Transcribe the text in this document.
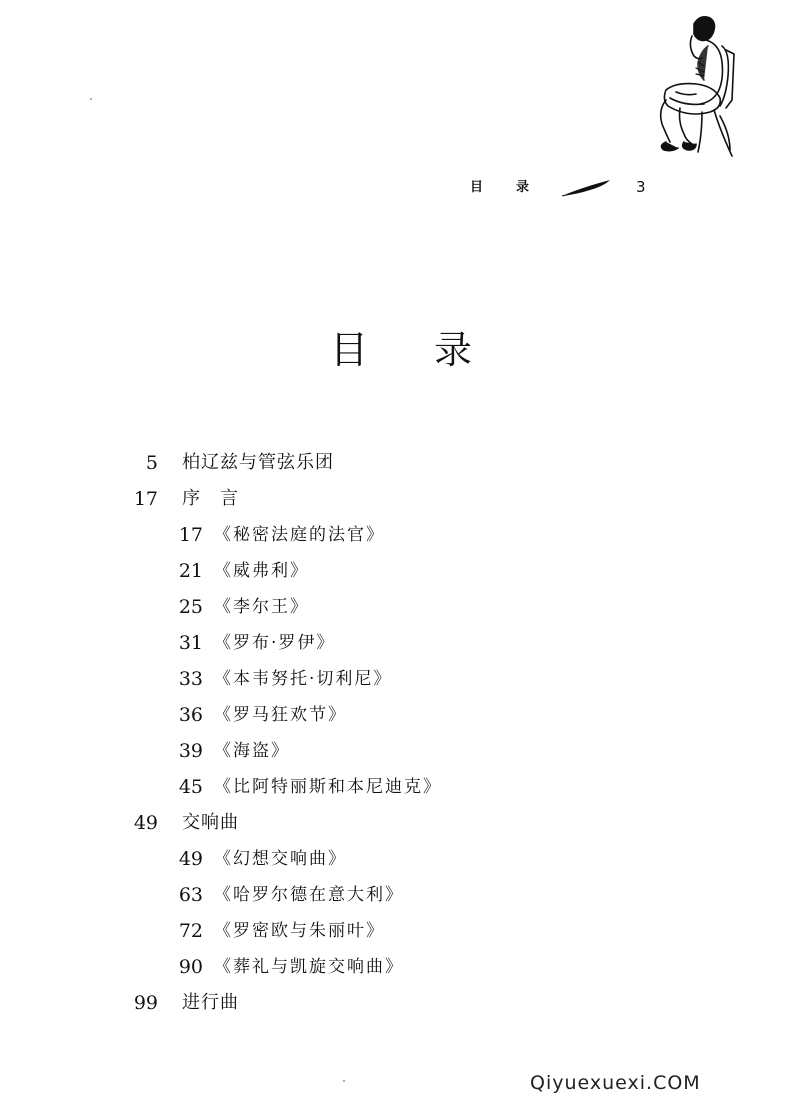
目 录	3
目 录
5 柏辽兹与管弦乐团
17 序　言
17 《秘密法庭的法官》
21 《威弗利》
25 《李尔王》
31 《罗布·罗伊》
33 《本韦努托·切利尼》
36 《罗马狂欢节》
39 《海盗》
45 《比阿特丽斯和本尼迪克》
49 交响曲
49 《幻想交响曲》
63 《哈罗尔德在意大利》
72 《罗密欧与朱丽叶》
90 《葬礼与凯旋交响曲》
99 进行曲
Qiyuexuexi.COM
